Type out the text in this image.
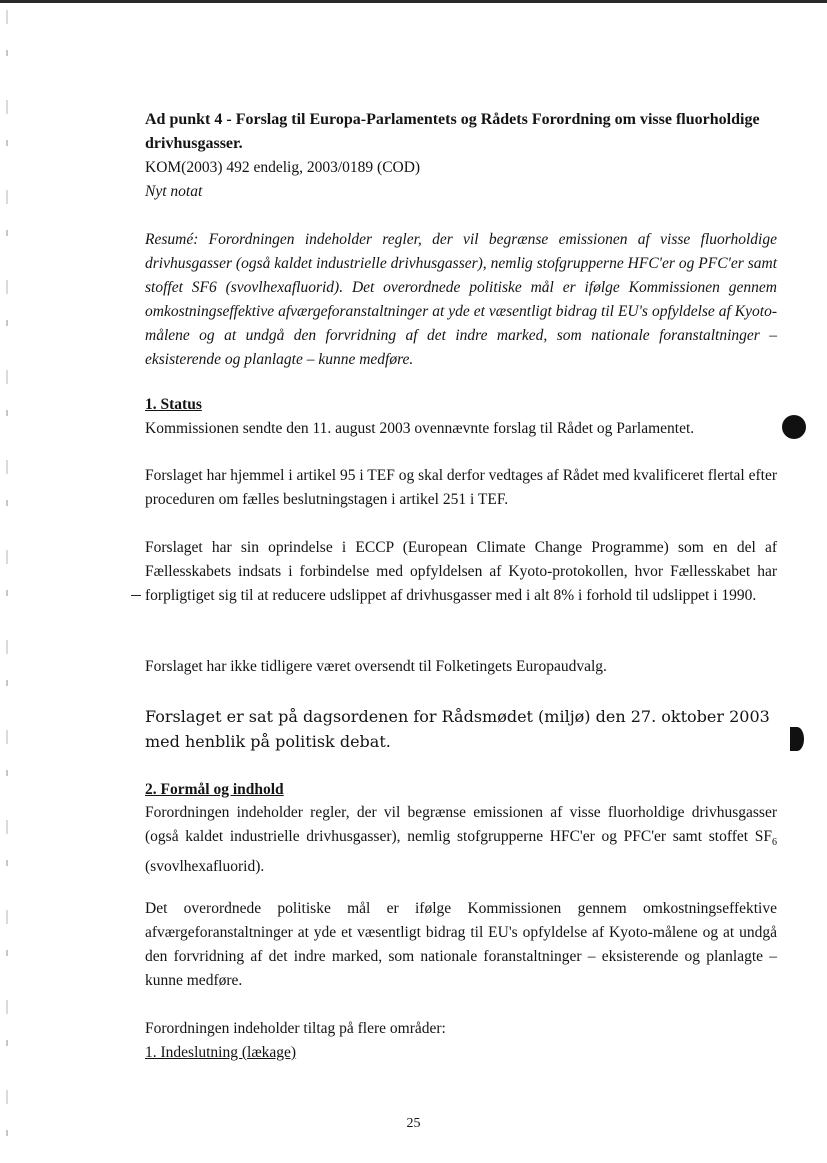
Ad punkt 4 - Forslag til Europa-Parlamentets og Rådets Forordning om visse fluorholdige drivhusgasser.

KOM(2003) 492 endelig, 2003/0189 (COD)

Nyt notat

Resumé: Forordningen indeholder regler, der vil begrænse emissionen af visse fluorholdige drivhusgasser (også kaldet industrielle drivhusgasser), nemlig stofgrupperne HFC'er og PFC'er samt stoffet SF6 (svovlhexafluorid). Det overordnede politiske mål er ifølge Kommissionen gennem omkostningseffektive afværgeforanstaltninger at yde et væsentligt bidrag til EU's opfyldelse af Kyoto-målene og at undgå den forvridning af det indre marked, som nationale foranstaltninger – eksisterende og planlagte – kunne medføre.

1. Status

Kommissionen sendte den 11. august 2003 ovennævnte forslag til Rådet og Parlamentet.

Forslaget har hjemmel i artikel 95 i TEF og skal derfor vedtages af Rådet med kvalificeret flertal efter proceduren om fælles beslutningstagen i artikel 251 i TEF.

Forslaget har sin oprindelse i ECCP (European Climate Change Programme) som en del af Fællesskabets indsats i forbindelse med opfyldelsen af Kyoto-protokollen, hvor Fællesskabet har forpligtiget sig til at reducere udslippet af drivhusgasser med i alt 8% i forhold til udslippet i 1990.

Forslaget har ikke tidligere været oversendt til Folketingets Europaudvalg.

Forslaget er sat på dagsordenen for Rådsmødet (miljø) den 27. oktober 2003 med henblik på politisk debat.

2. Formål og indhold

Forordningen indeholder regler, der vil begrænse emissionen af visse fluorholdige drivhusgasser (også kaldet industrielle drivhusgasser), nemlig stofgrupperne HFC'er og PFC'er samt stoffet $SF_6$ (svovlhexafluorid).

Det overordnede politiske mål er ifølge Kommissionen gennem omkostningseffektive afværgeforanstaltninger at yde et væsentligt bidrag til EU's opfyldelse af Kyoto-målene og at undgå den forvridning af det indre marked, som nationale foranstaltninger – eksisterende og planlagte – kunne medføre.

Forordningen indeholder tiltag på flere områder:

1. Indeslutning (lækage)

25
